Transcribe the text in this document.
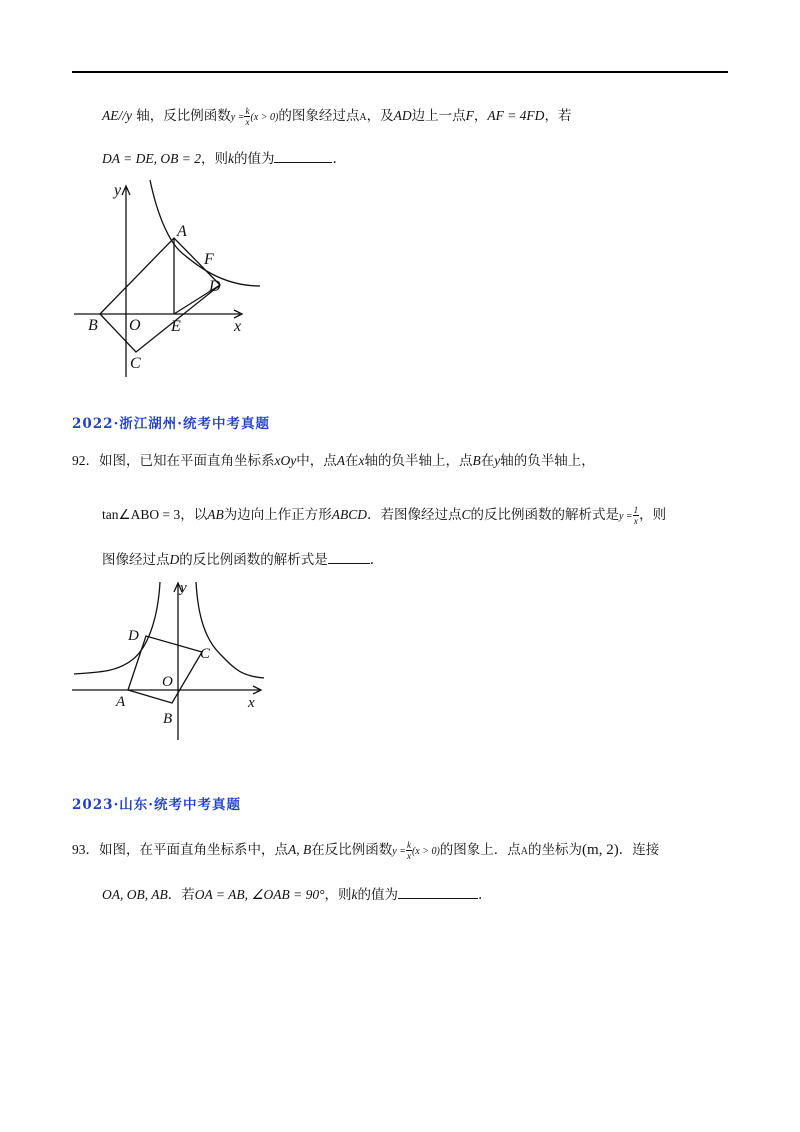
AE//y 轴，反比例函数$y = \frac{k}{x} (x > 0)$的图象经过点A，及AD边上一点F，AF = 4FD，若
DA = DE, OB = 2，则k的值为	.
y
x
A
F
D
B O E
C
2022·浙江湖州·统考中考真题
92．如图，已知在平面直角坐标系xOy中，点A在x轴的负半轴上，点B在y轴的负半轴上，
tan∠ABO = 3，以AB为边向上作正方形ABCD．若图像经过点C的反比例函数的解析式是$y = \frac{1}{x}$ ，则
图像经过点D的反比例函数的解析式是	.
y
x
D
C
O
A
B
2023·山东·统考中考真题
93．如图，在平面直角坐标系中，点A, B在反比例函数$y = \frac{k}{x} (x > 0)$的图象上．点A的坐标为(m, 2)．连接
OA, OB, AB．若OA = AB, ∠OAB = 90°，则k的值为	.
